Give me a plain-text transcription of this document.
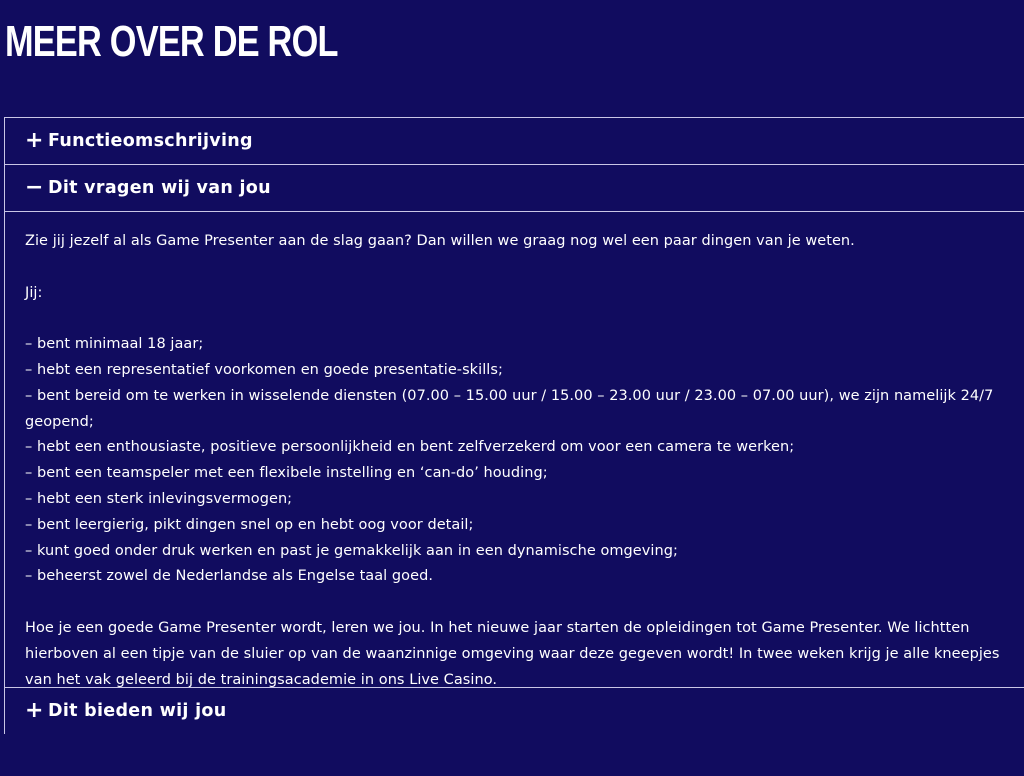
MEER OVER DE ROL
+ Functieomschrijving
− Dit vragen wij van jou

Zie jij jezelf al als Game Presenter aan de slag gaan? Dan willen we graag nog wel een paar dingen van je weten.

Jij:

– bent minimaal 18 jaar;
– hebt een representatief voorkomen en goede presentatie-skills;
– bent bereid om te werken in wisselende diensten (07.00 – 15.00 uur / 15.00 – 23.00 uur / 23.00 – 07.00 uur), we zijn namelijk 24/7 geopend;
– hebt een enthousiaste, positieve persoonlijkheid en bent zelfverzekerd om voor een camera te werken;
– bent een teamspeler met een flexibele instelling en ‘can-do’ houding;
– hebt een sterk inlevingsvermogen;
– bent leergierig, pikt dingen snel op en hebt oog voor detail;
– kunt goed onder druk werken en past je gemakkelijk aan in een dynamische omgeving;
– beheerst zowel de Nederlandse als Engelse taal goed.

Hoe je een goede Game Presenter wordt, leren we jou. In het nieuwe jaar starten de opleidingen tot Game Presenter. We lichtten hierboven al een tipje van de sluier op van de waanzinnige omgeving waar deze gegeven wordt! In twee weken krijg je alle kneepjes van het vak geleerd bij de trainingsacademie in ons Live Casino.

+ Dit bieden wij jou
